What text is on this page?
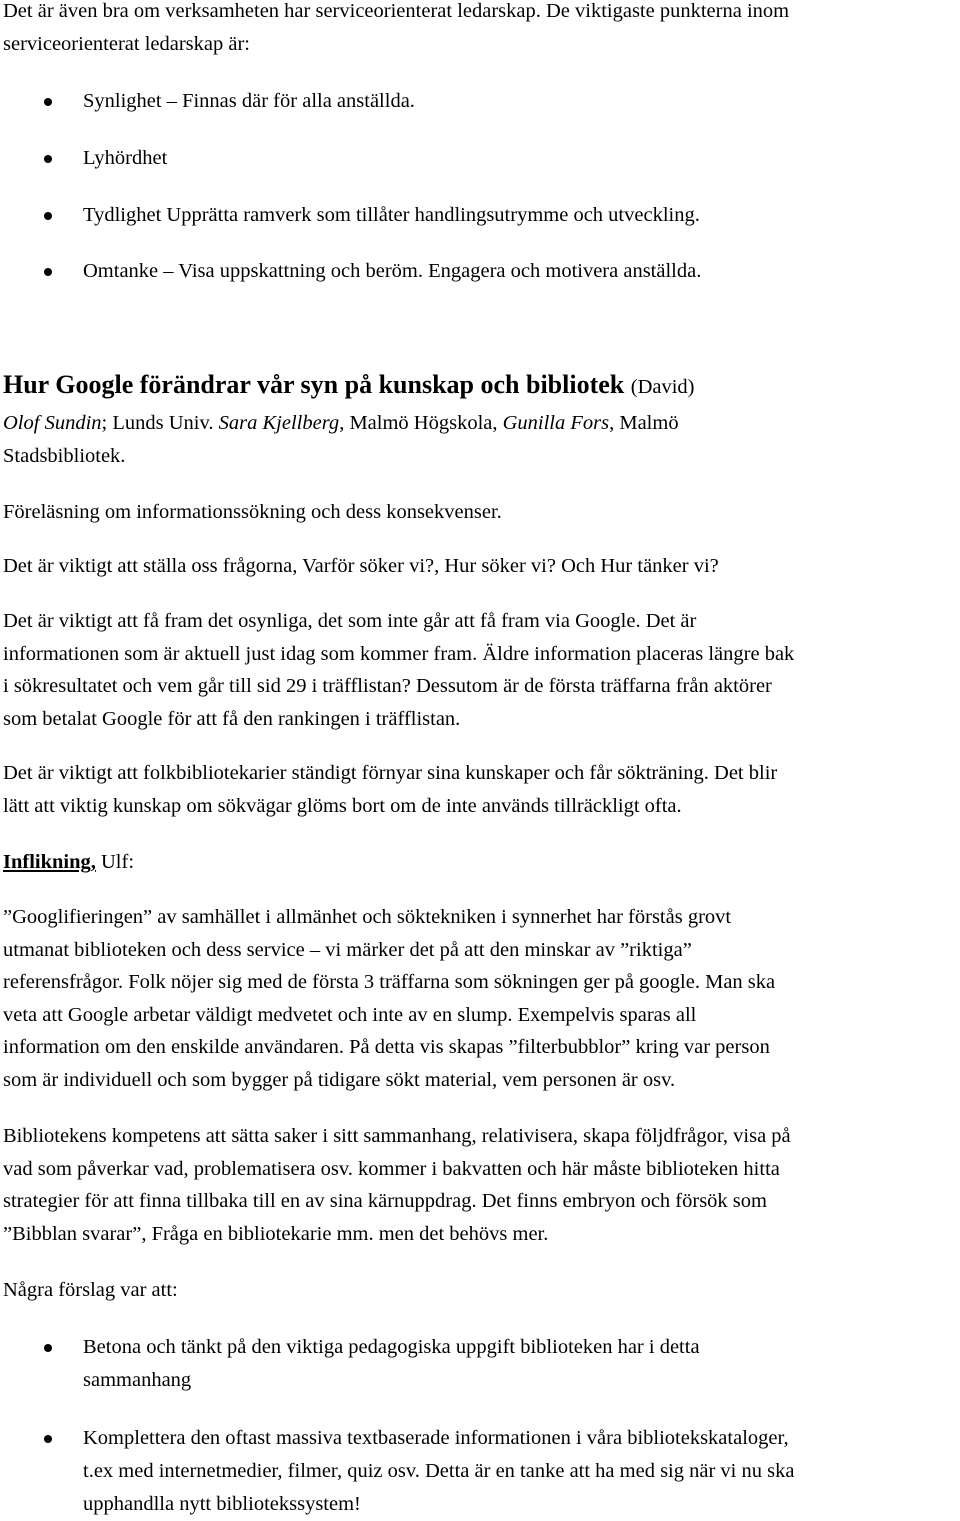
Det är även bra om verksamheten har serviceorienterat ledarskap. De viktigaste punkterna inom
serviceorienterat ledarskap är:

Synlighet – Finnas där för alla anställda.

Lyhördhet

Tydlighet Upprätta ramverk som tillåter handlingsutrymme och utveckling.

Omtanke – Visa uppskattning och beröm. Engagera och motivera anställda.

Hur Google förändrar vår syn på kunskap och bibliotek (David)

Olof Sundin; Lunds Univ. Sara Kjellberg, Malmö Högskola, Gunilla Fors, Malmö
Stadsbibliotek.

Föreläsning om informationssökning och dess konsekvenser.

Det är viktigt att ställa oss frågorna, Varför söker vi?, Hur söker vi? Och Hur tänker vi?

Det är viktigt att få fram det osynliga, det som inte går att få fram via Google. Det är
informationen som är aktuell just idag som kommer fram. Äldre information placeras längre bak
i sökresultatet och vem går till sid 29 i träfflistan? Dessutom är de första träffarna från aktörer
som betalat Google för att få den rankingen i träfflistan.

Det är viktigt att folkbibliotekarier ständigt förnyar sina kunskaper och får sökträning. Det blir
lätt att viktig kunskap om sökvägar glöms bort om de inte används tillräckligt ofta.

Inflikning, Ulf:

”Googlifieringen” av samhället i allmänhet och söktekniken i synnerhet har förstås grovt
utmanat biblioteken och dess service – vi märker det på att den minskar av ”riktiga”
referensfrågor. Folk nöjer sig med de första 3 träffarna som sökningen ger på google. Man ska
veta att Google arbetar väldigt medvetet och inte av en slump. Exempelvis sparas all
information om den enskilde användaren. På detta vis skapas ”filterbubblor” kring var person
som är individuell och som bygger på tidigare sökt material, vem personen är osv.

Bibliotekens kompetens att sätta saker i sitt sammanhang, relativisera, skapa följdfrågor, visa på
vad som påverkar vad, problematisera osv. kommer i bakvatten och här måste biblioteken hitta
strategier för att finna tillbaka till en av sina kärnuppdrag. Det finns embryon och försök som
”Bibblan svarar”, Fråga en bibliotekarie mm. men det behövs mer.

Några förslag var att:

Betona och tänkt på den viktiga pedagogiska uppgift biblioteken har i detta
sammanhang

Komplettera den oftast massiva textbaserade informationen i våra bibliotekskataloger,
t.ex med internetmedier, filmer, quiz osv. Detta är en tanke att ha med sig när vi nu ska
upphandlla nytt bibliotekssystem!
